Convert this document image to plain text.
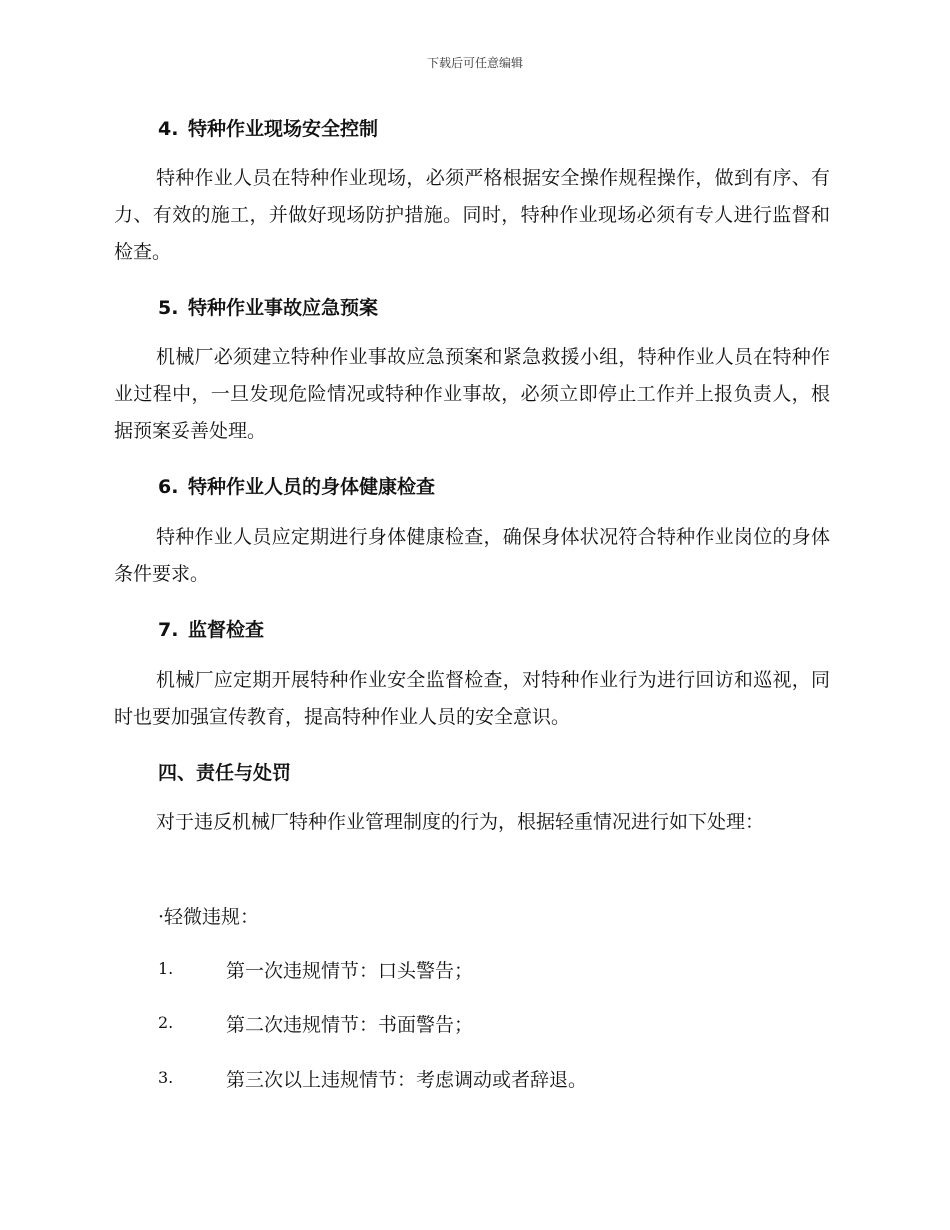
下载后可任意编辑
4. 特种作业现场安全控制
特种作业人员在特种作业现场，必须严格根据安全操作规程操作，做到有序、有力、有效的施工，并做好现场防护措施。同时，特种作业现场必须有专人进行监督和检查。
5. 特种作业事故应急预案
机械厂必须建立特种作业事故应急预案和紧急救援小组，特种作业人员在特种作业过程中，一旦发现危险情况或特种作业事故，必须立即停止工作并上报负责人，根据预案妥善处理。
6. 特种作业人员的身体健康检查
特种作业人员应定期进行身体健康检查，确保身体状况符合特种作业岗位的身体条件要求。
7. 监督检查
机械厂应定期开展特种作业安全监督检查，对特种作业行为进行回访和巡视，同时也要加强宣传教育，提高特种作业人员的安全意识。
四、责任与处罚
对于违反机械厂特种作业管理制度的行为，根据轻重情况进行如下处理：
·轻微违规：
1.	第一次违规情节：口头警告；
2.	第二次违规情节：书面警告；
3.	第三次以上违规情节：考虑调动或者辞退。
